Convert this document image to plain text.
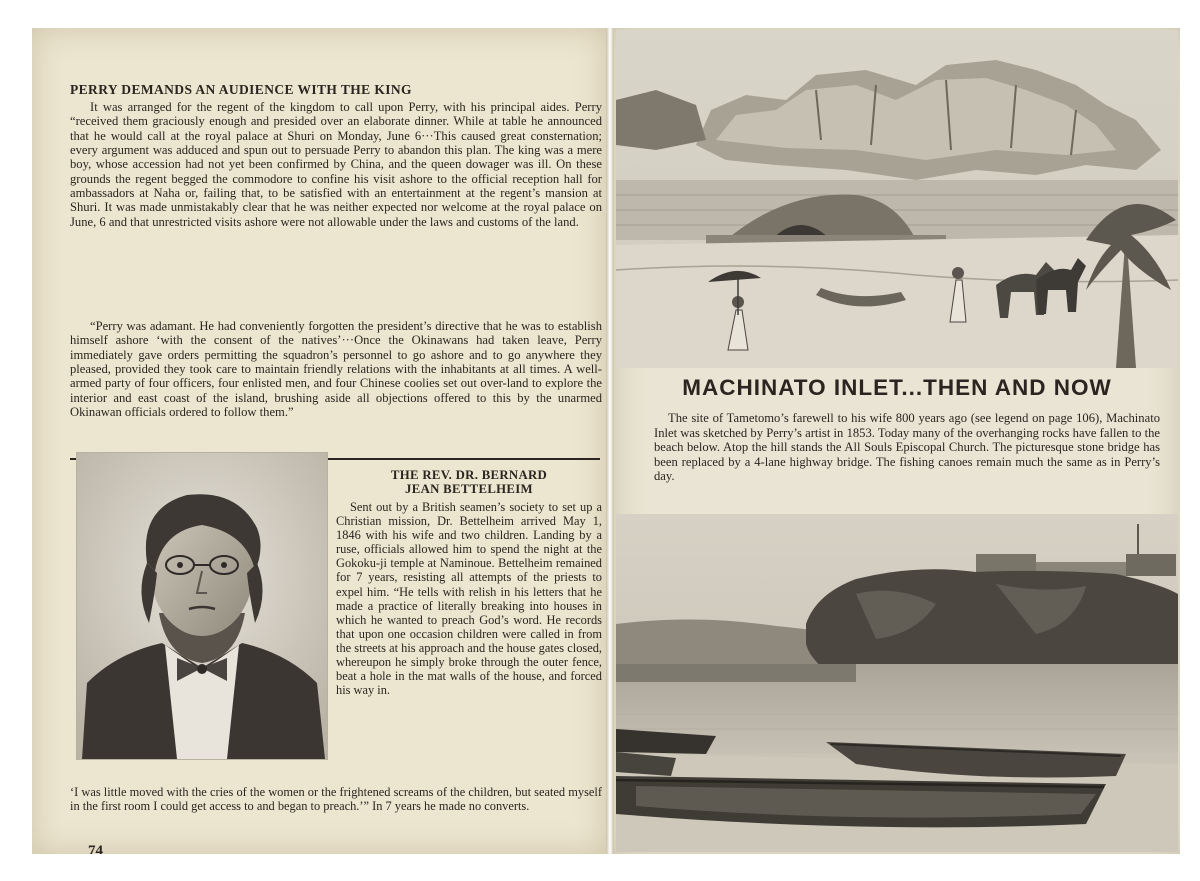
PERRY DEMANDS AN AUDIENCE WITH THE KING

It was arranged for the regent of the kingdom to call upon Perry, with his principal aides. Perry “received them graciously enough and presided over an elaborate dinner. While at table he announced that he would call at the royal palace at Shuri on Monday, June 6···This caused great consternation; every argument was adduced and spun out to persuade Perry to abandon this plan. The king was a mere boy, whose accession had not yet been confirmed by China, and the queen dowager was ill. On these grounds the regent begged the commodore to confine his visit ashore to the official reception hall for ambassadors at Naha or, failing that, to be satisfied with an entertainment at the regent’s mansion at Shuri. It was made unmistakably clear that he was neither expected nor welcome at the royal palace on June, 6 and that unrestricted visits ashore were not allowable under the laws and customs of the land.

“Perry was adamant. He had conveniently forgotten the president’s directive that he was to establish himself ashore ‘with the consent of the natives’···Once the Okinawans had taken leave, Perry immediately gave orders permitting the squadron’s personnel to go ashore and to go anywhere they pleased, provided they took care to maintain friendly relations with the inhabitants at all times. A well-armed party of four officers, four enlisted men, and four Chinese coolies set out over-land to explore the interior and east coast of the island, brushing aside all objections offered to this by the unarmed Okinawan officials ordered to follow them.”

THE REV. DR. BERNARD
JEAN BETTELHEIM

Sent out by a British seamen’s society to set up a Christian mission, Dr. Bettelheim arrived May 1, 1846 with his wife and two children. Landing by a ruse, officials allowed him to spend the night at the Gokoku-ji temple at Naminoue. Bettelheim remained for 7 years, resisting all attempts of the priests to expel him. “He tells with relish in his letters that he made a practice of literally breaking into houses in which he wanted to preach God’s word. He records that upon one occasion children were called in from the streets at his approach and the house gates closed, whereupon he simply broke through the outer fence, beat a hole in the mat walls of the house, and forced his way in.

‘I was little moved with the cries of the women or the frightened screams of the children, but seated myself in the first room I could get access to and began to preach.’” In 7 years he made no converts.

74
MACHINATO INLET...THEN AND NOW

The site of Tametomo’s farewell to his wife 800 years ago (see legend on page 106), Machinato Inlet was sketched by Perry’s artist in 1853. Today many of the overhanging rocks have fallen to the beach below. Atop the hill stands the All Souls Episcopal Church. The picturesque stone bridge has been replaced by a 4-lane highway bridge. The fishing canoes remain much the same as in Perry’s day.
